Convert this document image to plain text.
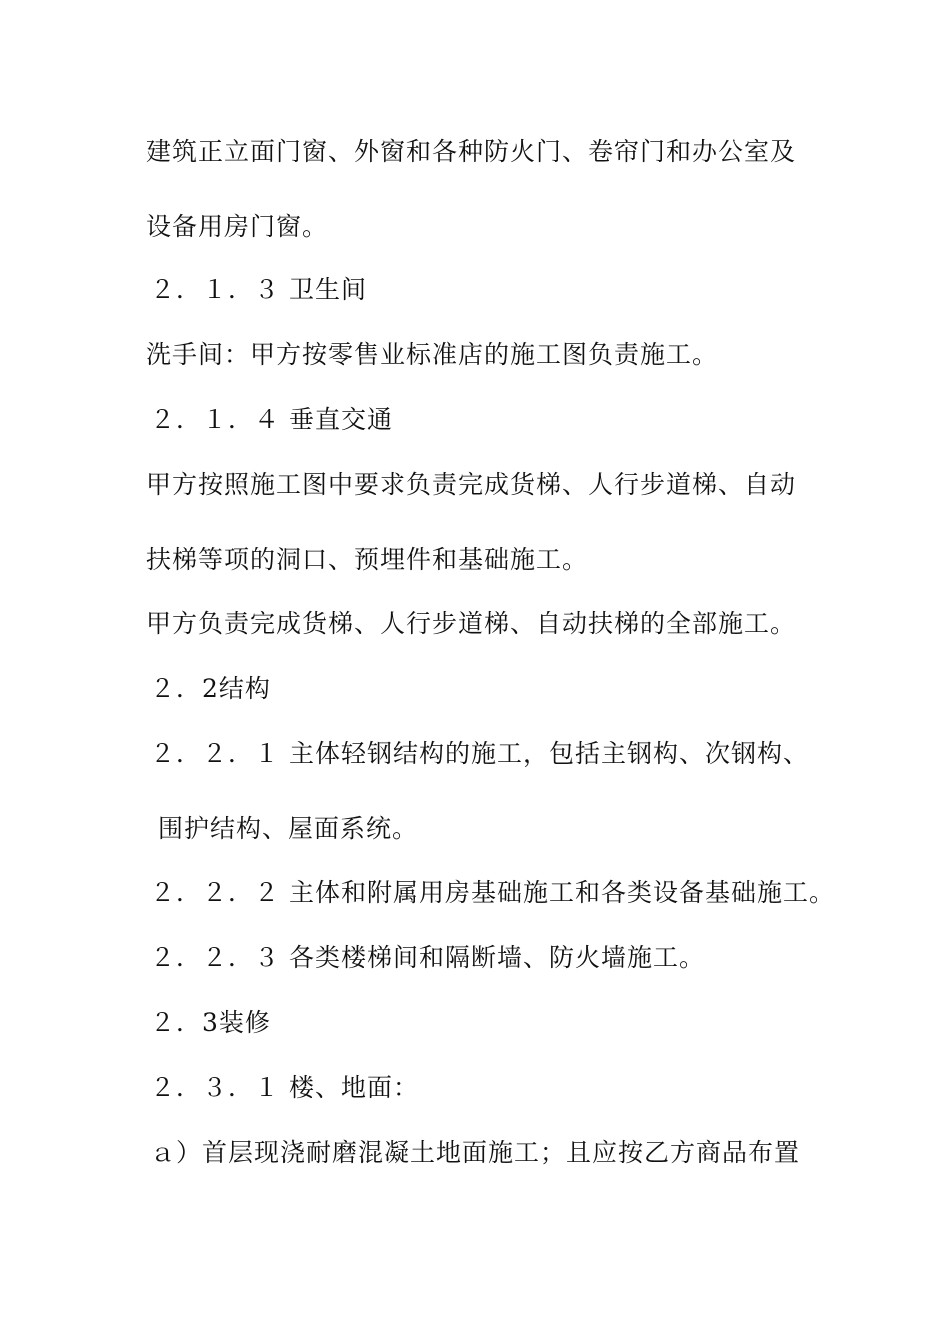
建筑正立面门窗、外窗和各种防火门、卷帘门和办公室及
设备用房门窗。
２．１．３ 卫生间
洗手间：甲方按零售业标准店的施工图负责施工。
２．１．４ 垂直交通
甲方按照施工图中要求负责完成货梯、人行步道梯、自动
扶梯等项的洞口、预埋件和基础施工。
甲方负责完成货梯、人行步道梯、自动扶梯的全部施工。
２．2结构
２．２．１ 主体轻钢结构的施工，包括主钢构、次钢构、
围护结构、屋面系统。
２．２．２ 主体和附属用房基础施工和各类设备基础施工。
２．２．３ 各类楼梯间和隔断墙、防火墙施工。
２．3装修
２．３．１ 楼、地面：
ａ）首层现浇耐磨混凝土地面施工；且应按乙方商品布置
